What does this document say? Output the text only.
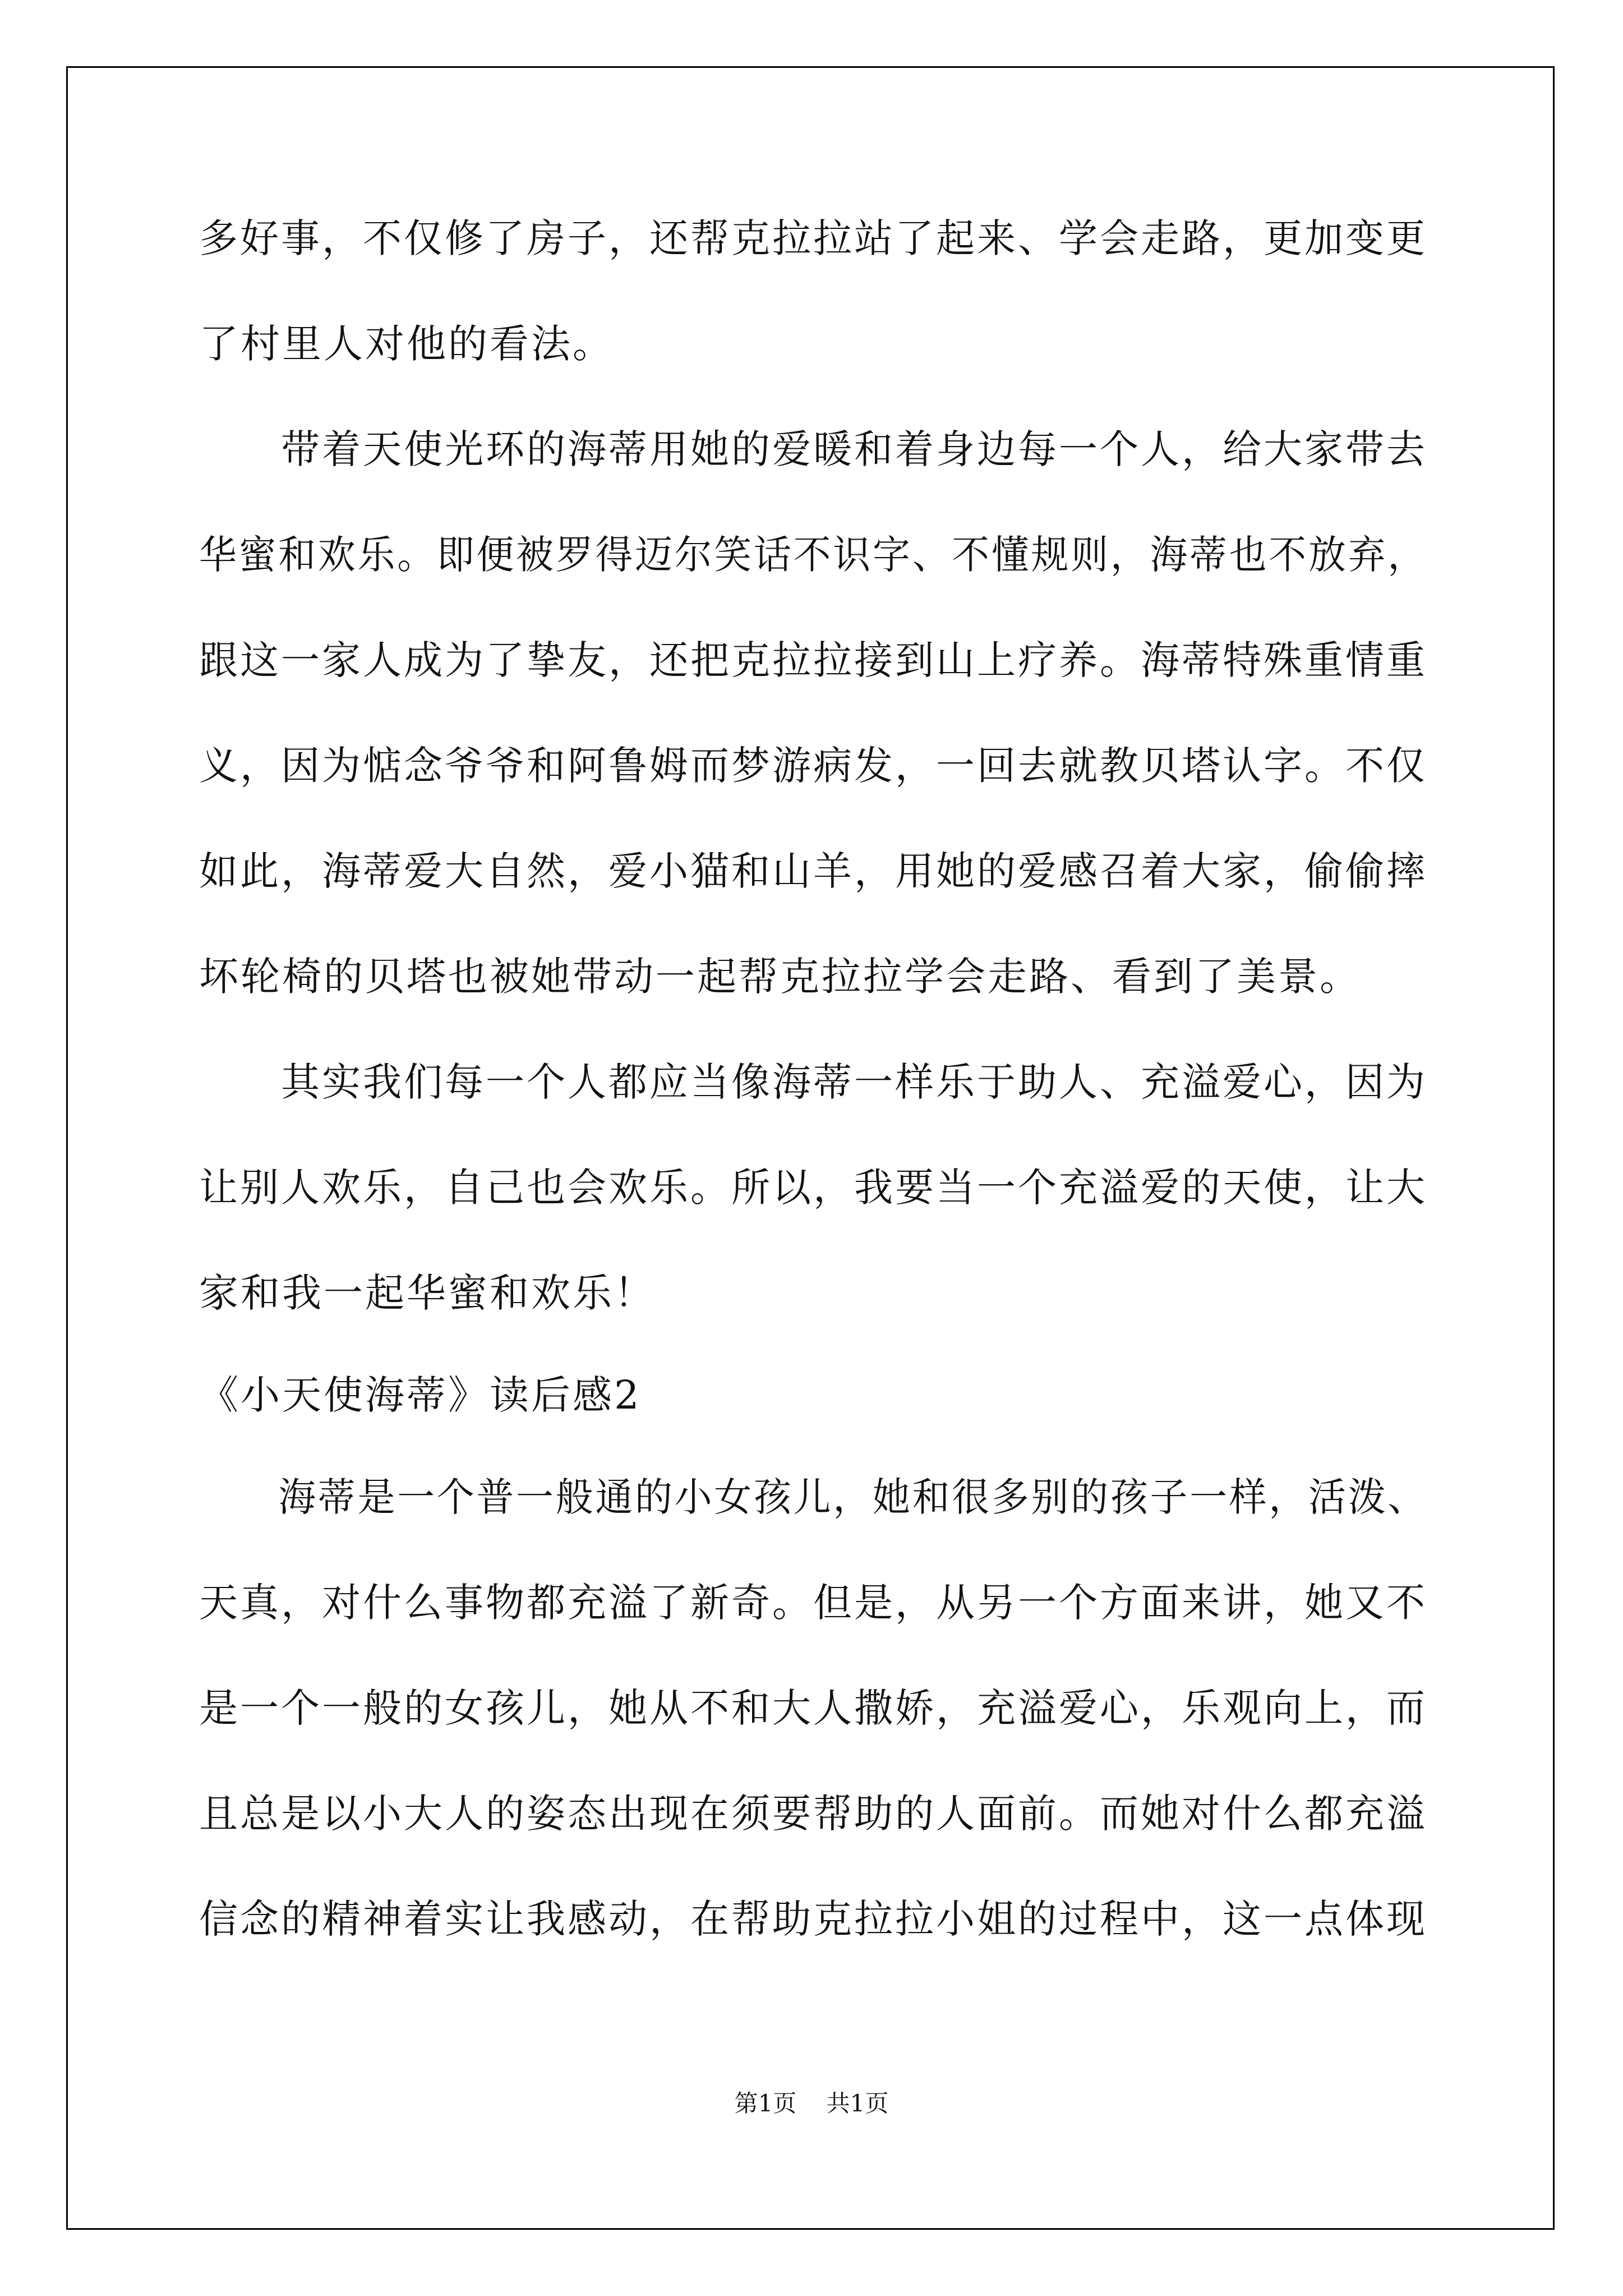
多好事，不仅修了房子，还帮克拉拉站了起来、学会走路，更加变更
了村里人对他的看法。
　　带着天使光环的海蒂用她的爱暖和着身边每一个人，给大家带去
华蜜和欢乐。即便被罗得迈尔笑话不识字、不懂规则，海蒂也不放弃，
跟这一家人成为了挚友，还把克拉拉接到山上疗养。海蒂特殊重情重
义，因为惦念爷爷和阿鲁姆而梦游病发，一回去就教贝塔认字。不仅
如此，海蒂爱大自然，爱小猫和山羊，用她的爱感召着大家，偷偷摔
坏轮椅的贝塔也被她带动一起帮克拉拉学会走路、看到了美景。
　　其实我们每一个人都应当像海蒂一样乐于助人、充溢爱心，因为
让别人欢乐，自己也会欢乐。所以，我要当一个充溢爱的天使，让大
家和我一起华蜜和欢乐！
《小天使海蒂》读后感2
　　海蒂是一个普一般通的小女孩儿，她和很多别的孩子一样，活泼、
天真，对什么事物都充溢了新奇。但是，从另一个方面来讲，她又不
是一个一般的女孩儿，她从不和大人撒娇，充溢爱心，乐观向上，而
且总是以小大人的姿态出现在须要帮助的人面前。而她对什么都充溢
信念的精神着实让我感动，在帮助克拉拉小姐的过程中，这一点体现
第1页    共1页
